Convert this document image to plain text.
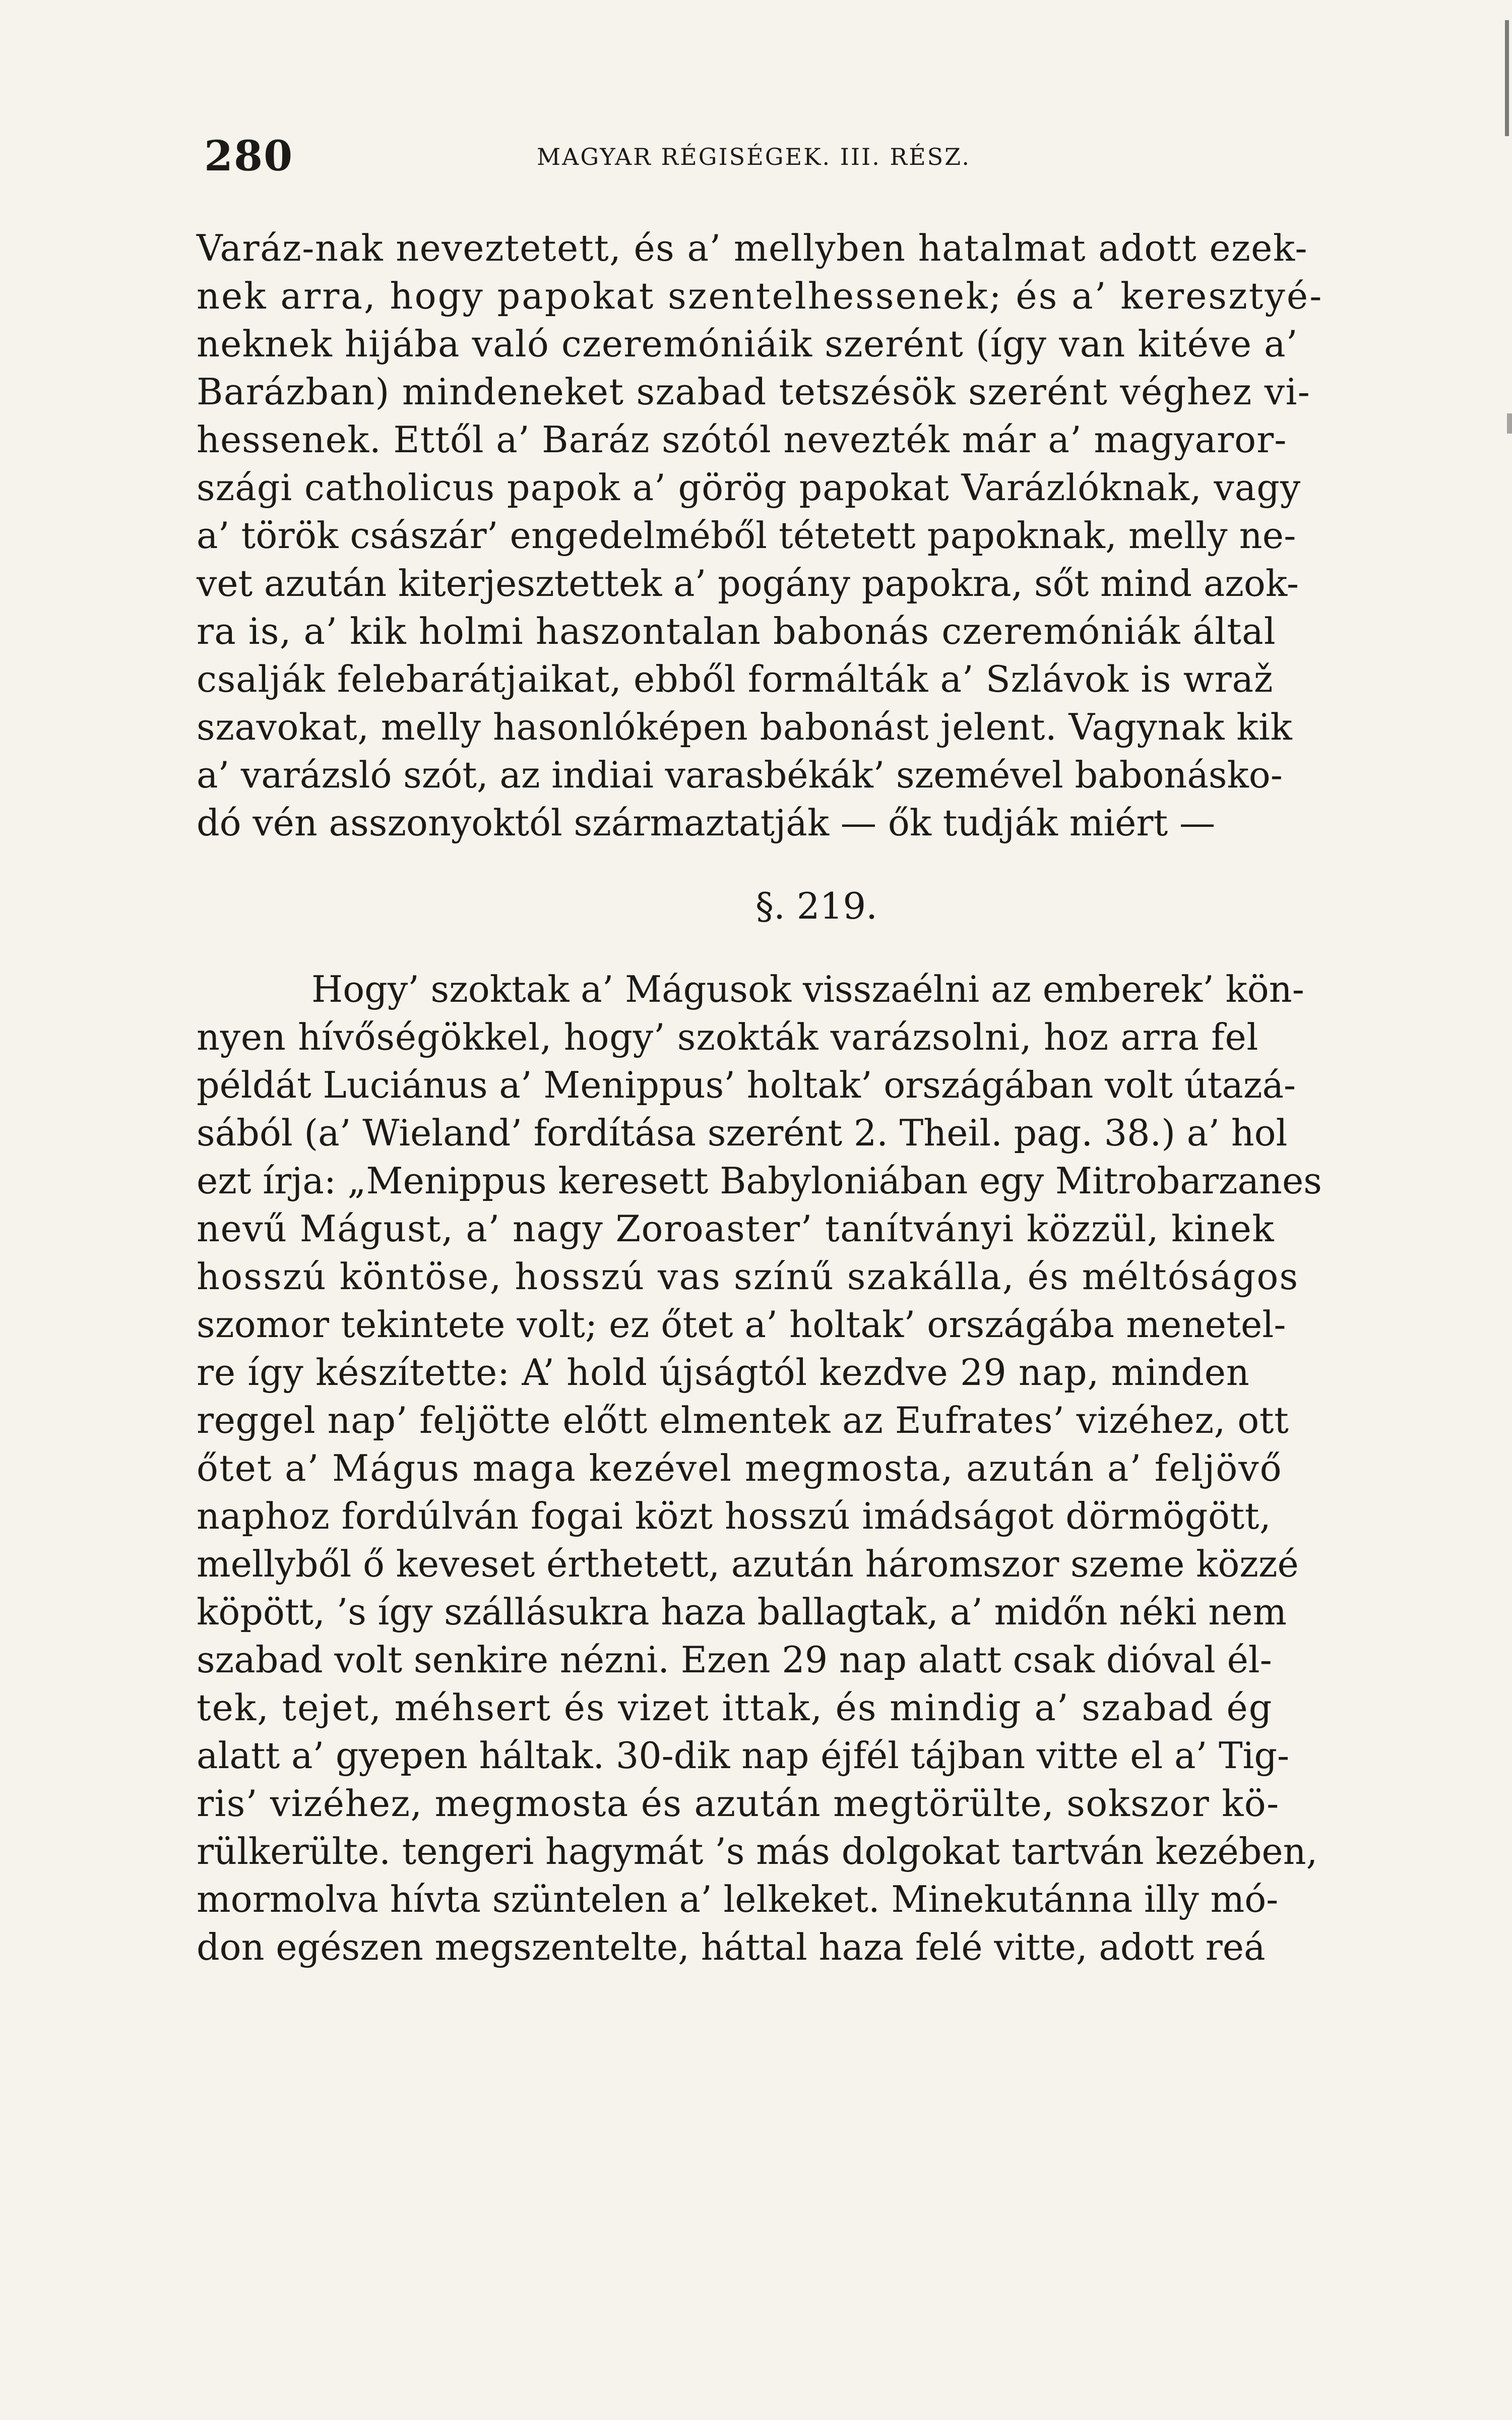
280	MAGYAR RÉGISÉGEK. III. RÉSZ.
Varáz-nak neveztetett, és a’ mellyben hatalmat adott ezek-
nek arra, hogy papokat szentelhessenek; és a’ keresztyé-
neknek hijába való czeremóniáik szerént (így van kitéve a’
Barázban) mindeneket szabad tetszésök szerént véghez vi-
hessenek. Ettől a’ Baráz szótól nevezték már a’ magyaror-
szági catholicus papok a’ görög papokat Varázlóknak, vagy
a’ török császár’ engedelméből tétetett papoknak, melly ne-
vet azután kiterjesztettek a’ pogány papokra, sőt mind azok-
ra is, a’ kik holmi haszontalan babonás czeremóniák által
csalják felebarátjaikat, ebből formálták a’ Szlávok is wraž
szavokat, melly hasonlóképen babonást jelent. Vagynak kik
a’ varázsló szót, az indiai varasbékák’ szemével babonásko-
dó vén asszonyoktól származtatják — ők tudják miért —
§. 219.
Hogy’ szoktak a’ Mágusok visszaélni az emberek’ kön-
nyen hívőségökkel, hogy’ szokták varázsolni, hoz arra fel
példát Luciánus a’ Menippus’ holtak’ országában volt útazá-
sából (a’ Wieland’ fordítása szerént 2. Theil. pag. 38.) a’ hol
ezt írja: „Menippus keresett Babyloniában egy Mitrobarzanes
nevű Mágust, a’ nagy Zoroaster’ tanítványi közzül, kinek
hosszú köntöse, hosszú vas színű szakálla, és méltóságos
szomor tekintete volt; ez őtet a’ holtak’ országába menetel-
re így készítette: A’ hold újságtól kezdve 29 nap, minden
reggel nap’ feljötte előtt elmentek az Eufrates’ vizéhez, ott
őtet a’ Mágus maga kezével megmosta, azután a’ feljövő
naphoz fordúlván fogai közt hosszú imádságot dörmögött,
mellyből ő keveset érthetett, azután háromszor szeme közzé
köpött, ’s így szállásukra haza ballagtak, a’ midőn néki nem
szabad volt senkire nézni. Ezen 29 nap alatt csak dióval él-
tek, tejet, méhsert és vizet ittak, és mindig a’ szabad ég
alatt a’ gyepen háltak. 30-dik nap éjfél tájban vitte el a’ Tig-
ris’ vizéhez, megmosta és azután megtörülte, sokszor kö-
rülkerülte. tengeri hagymát ’s más dolgokat tartván kezében,
mormolva hívta szüntelen a’ lelkeket. Minekutánna illy mó-
don egészen megszentelte, háttal haza felé vitte, adott reá
